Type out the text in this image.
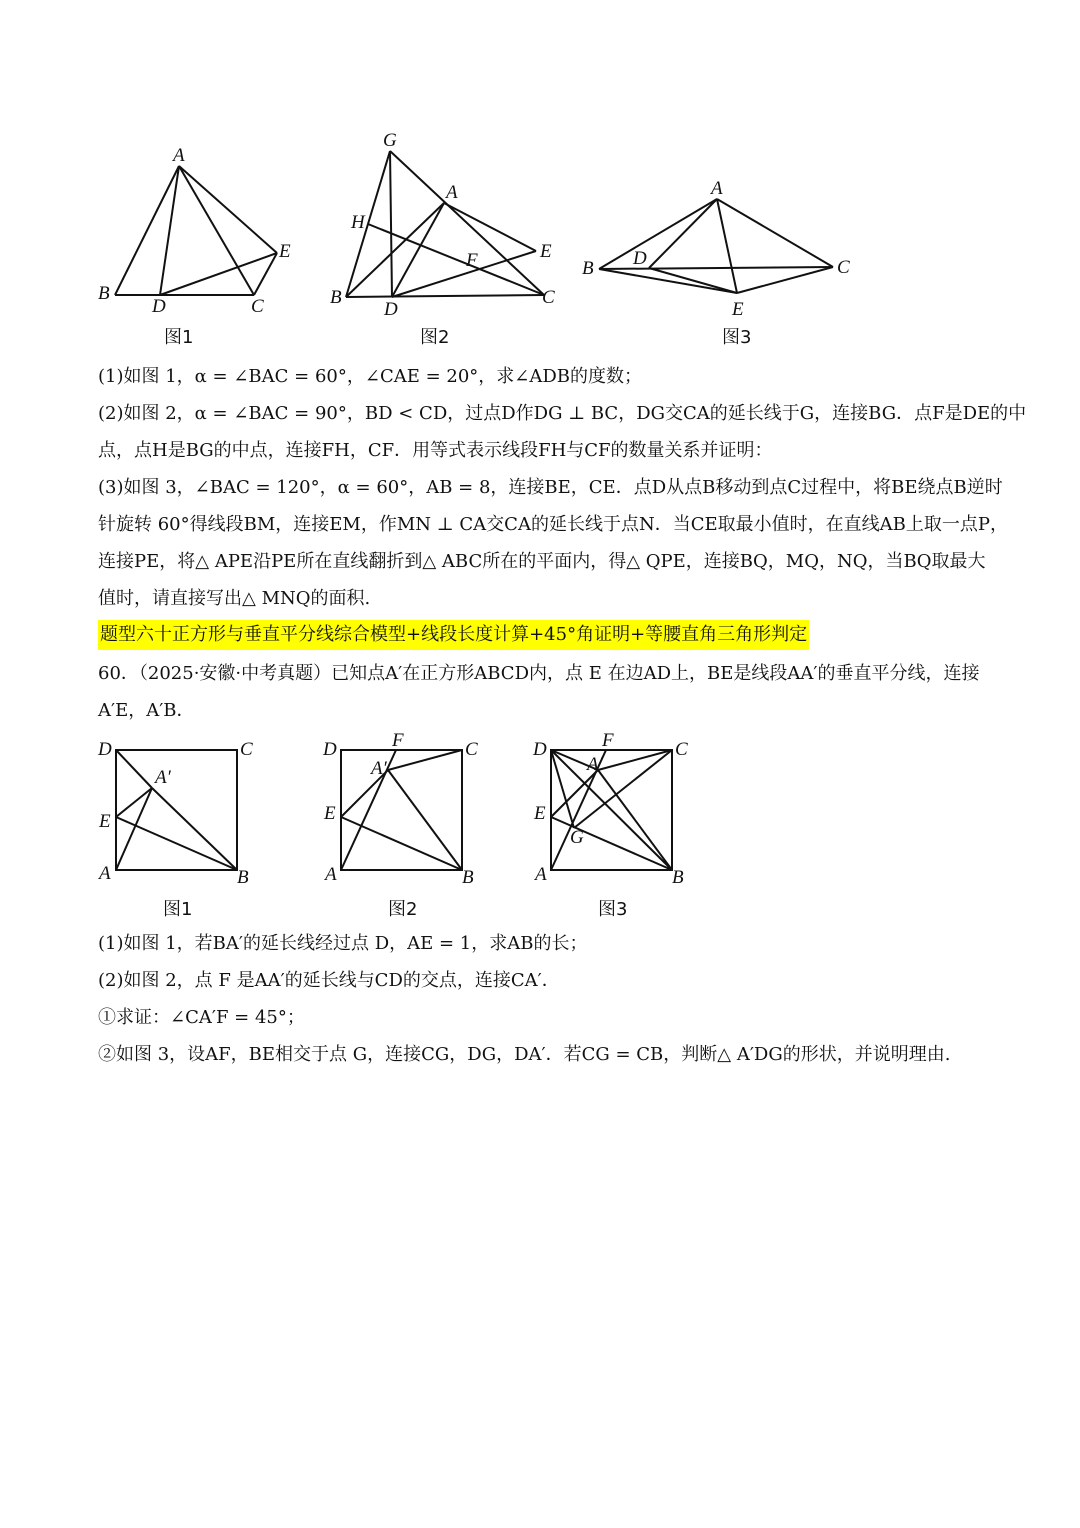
A
B
C
D
E
图1
G
A
H
E
F
B
D
C
图2
A
B	C
D
E
图3
(1)如图 1，α = ∠BAC = 60°，∠CAE = 20°，求∠ADB的度数；
(2)如图 2，α = ∠BAC = 90°，BD < CD，过点D作DG ⊥ BC，DG交CA的延长线于G，连接BG．点F是DE的中
点，点H是BG的中点，连接FH，CF．用等式表示线段FH与CF的数量关系并证明：
(3)如图 3，∠BAC = 120°，α = 60°，AB = 8，连接BE，CE．点D从点B移动到点C过程中，将BE绕点B逆时
针旋转 60°得线段BM，连接EM，作MN ⊥ CA交CA的延长线于点N．当CE取最小值时，在直线AB上取一点P，
连接PE，将△ APE沿PE所在直线翻折到△ ABC所在的平面内，得△ QPE，连接BQ，MQ，NQ，当BQ取最大
值时，请直接写出△ MNQ的面积.
题型六十正方形与垂直平分线综合模型+线段长度计算+45°角证明+等腰直角三角形判定
60．（2025·安徽·中考真题）已知点A′在正方形ABCD内，点 E 在边AD上，BE是线段AA′的垂直平分线，连接
A′E，A′B．
D	C
A′
E
A	B
图1
D	F	C
A′
E
A	B
图2
D	F	C
A′
E
G
A	B
图3
(1)如图 1，若BA′的延长线经过点 D，AE = 1，求AB的长；
(2)如图 2，点 F 是AA′的延长线与CD的交点，连接CA′．
①求证：∠CA′F = 45°；
②如图 3，设AF，BE相交于点 G，连接CG，DG，DA′．若CG = CB，判断△ A′DG的形状，并说明理由.
